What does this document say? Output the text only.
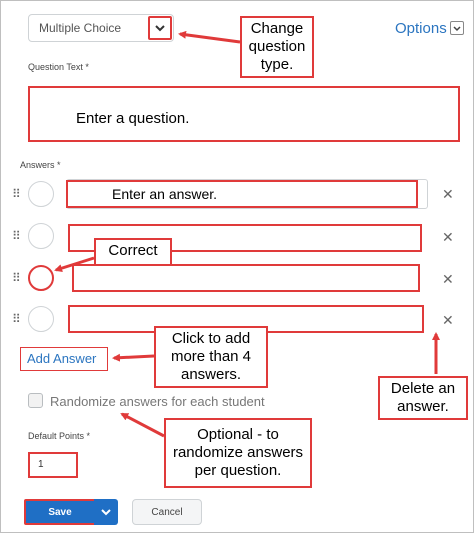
Multiple Choice	Options
Change question type.
Question Text *
Enter a question.
Answers *
⠿	Enter an answer.	✕
⠿	✕
Correct
⠿	✕
⠿	✕
Add Answer
Click to add more than 4 answers.
Delete an answer.
Randomize answers for each student
Default Points *
1
Optional - to randomize answers per question.
Save	Cancel
